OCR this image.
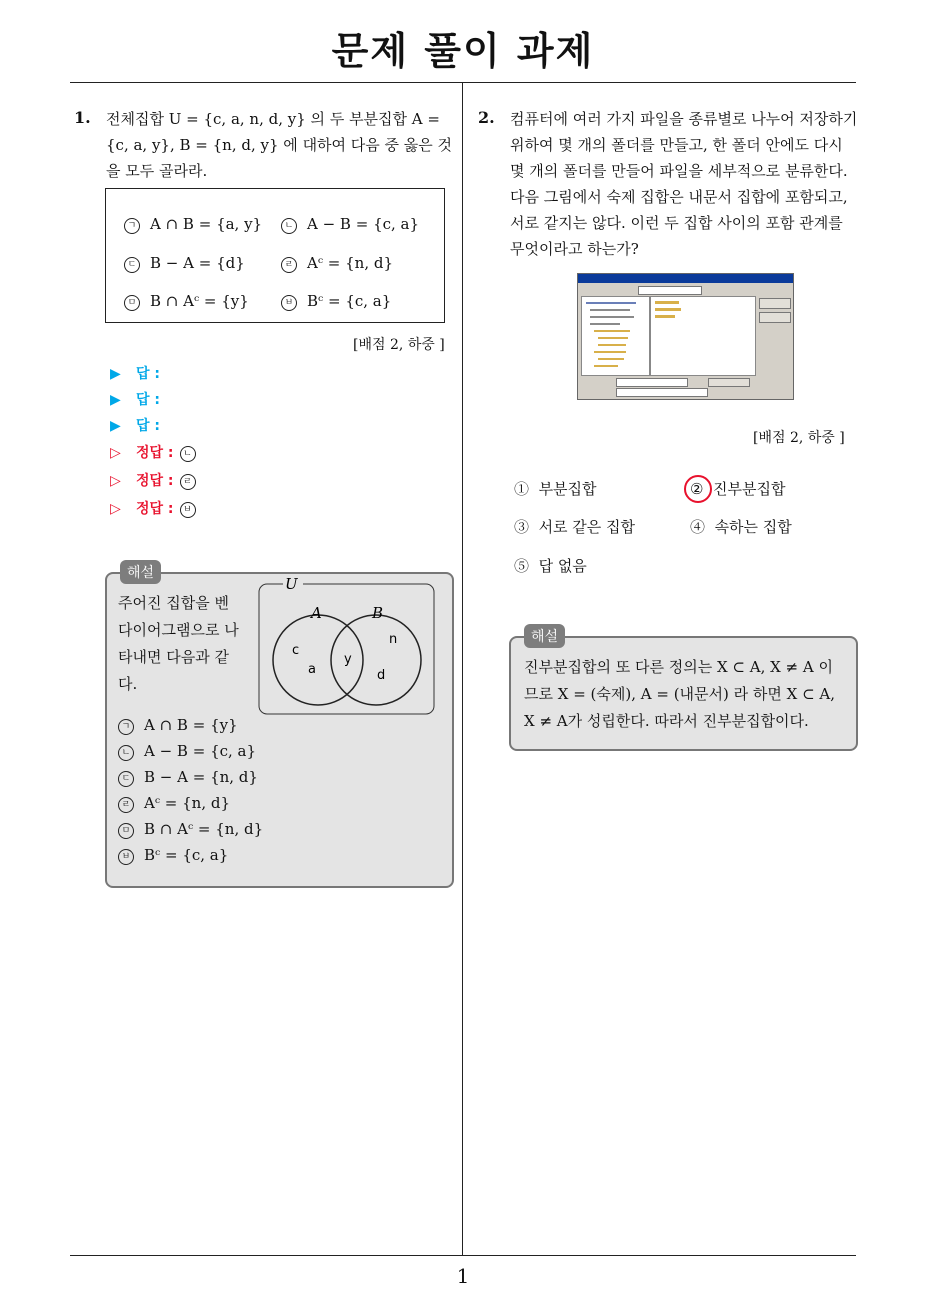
문제 풀이 과제
1. 전체집합 U = {c, a, n, d, y} 의 두 부분집합 A =
{c, a, y}, B = {n, d, y} 에 대하여 다음 중 옳은 것
을 모두 골라라.
ㄱ A ∩ B = {a, y}	ㄴ A − B = {c, a}
ㄷ B − A = {d}	ㄹ Aᶜ = {n, d}
ㅁ B ∩ Aᶜ = {y}	ㅂ Bᶜ = {c, a}
[배점 2, 하중 ]
▶ 답 :
▶ 답 :
▶ 답 :
▷ 정답 : ㄴ
▷ 정답 : ㄹ
▷ 정답 : ㅂ
해설
주어진 집합을 벤
다이어그램으로 나
타내면 다음과 같
다.
U
A	B
c
a
y
n
d
ㄱ A ∩ B = {y}
ㄴ A − B = {c, a}
ㄷ B − A = {n, d}
ㄹ Aᶜ = {n, d}
ㅁ B ∩ Aᶜ = {n, d}
ㅂ Bᶜ = {c, a}
2. 컴퓨터에 여러 가지 파일을 종류별로 나누어 저장하기
위하여 몇 개의 폴더를 만들고, 한 폴더 안에도 다시
몇 개의 폴더를 만들어 파일을 세부적으로 분류한다.
다음 그림에서 숙제 집합은 내문서 집합에 포함되고,
서로 같지는 않다. 이런 두 집합 사이의 포함 관계를
무엇이라고 하는가?
[배점 2, 하중 ]
① 부분집합	② 진부분집합
③ 서로 같은 집합	④ 속하는 집합
⑤ 답 없음
해설
진부분집합의 또 다른 정의는 X ⊂ A, X ≠ A 이
므로 X = (숙제), A = (내문서) 라 하면 X ⊂ A,
X ≠ A가 성립한다. 따라서 진부분집합이다.
1
